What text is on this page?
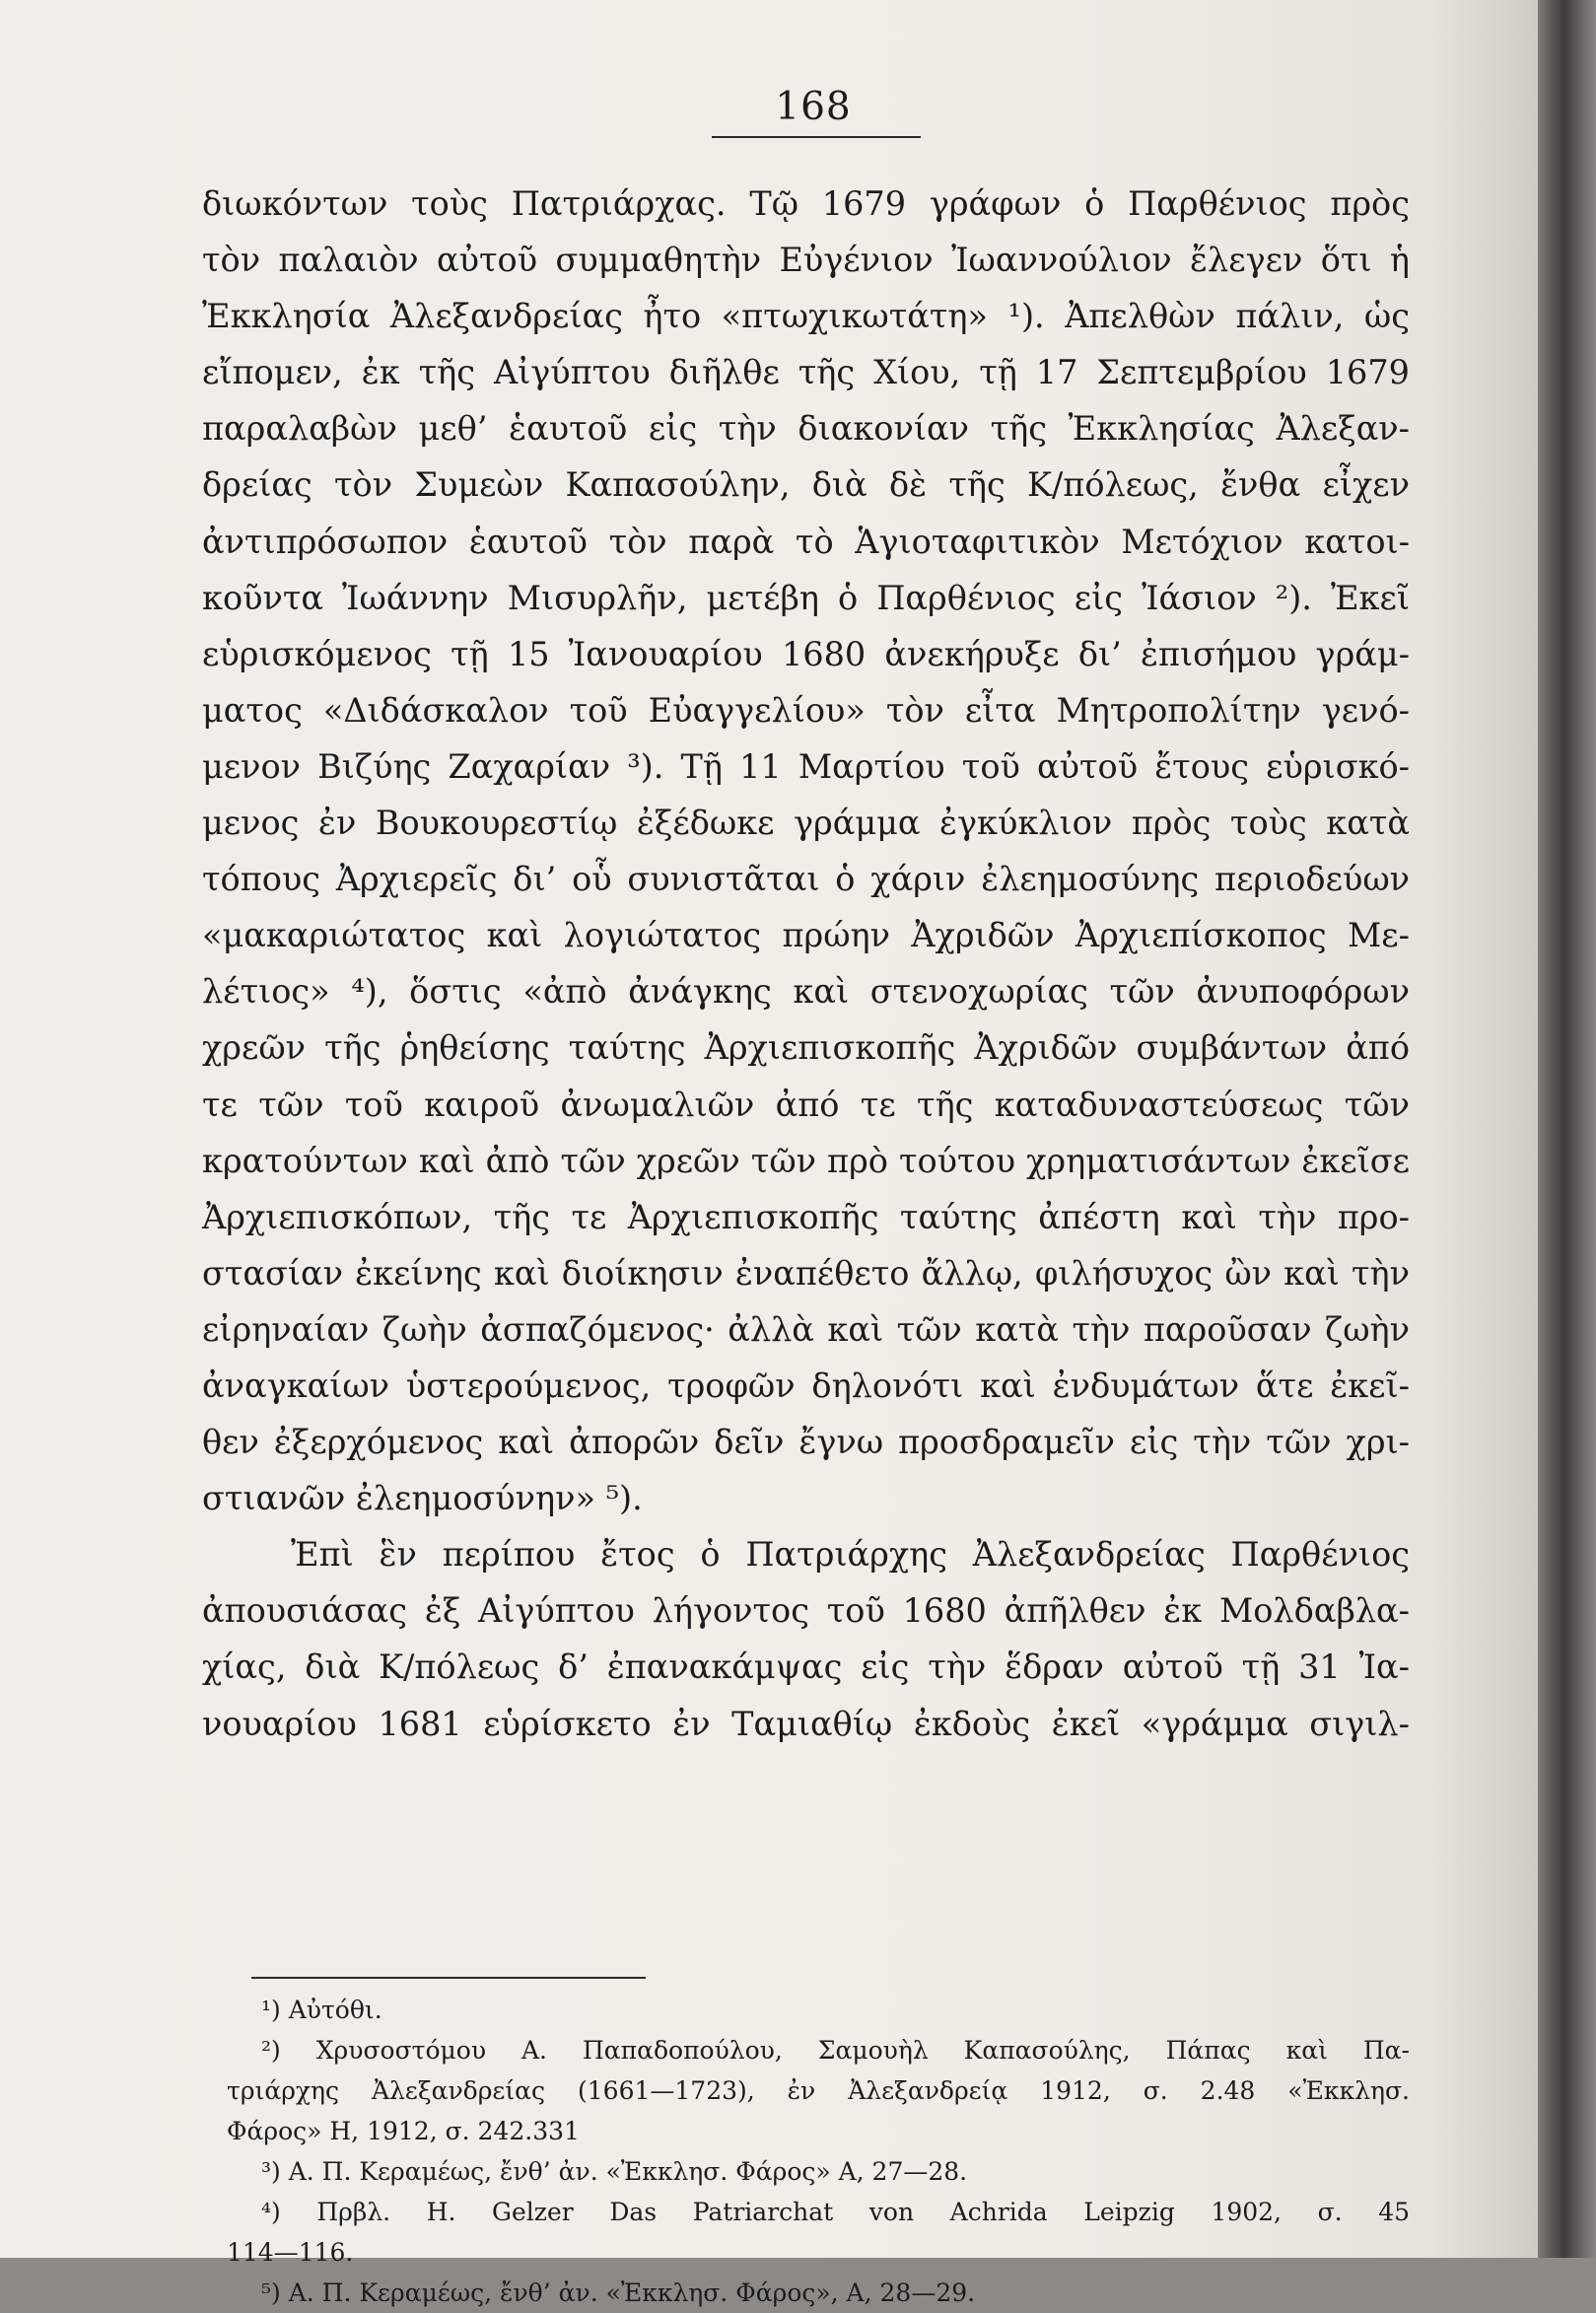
168
διωκόντων τοὺς Πατριάρχας. Τῷ 1679 γράφων ὁ Παρθένιος πρὸς
τὸν παλαιὸν αὐτοῦ συμμαθητὴν Εὐγένιον Ἰωαννούλιον ἔλεγεν ὅτι ἡ
Ἐκκλησία Ἀλεξανδρείας ἦτο «πτωχικωτάτη» ¹). Ἀπελθὼν πάλιν, ὡς
εἴπομεν, ἐκ τῆς Αἰγύπτου διῆλθε τῆς Χίου, τῇ 17 Σεπτεμβρίου 1679
παραλαβὼν μεθ’ ἑαυτοῦ εἰς τὴν διακονίαν τῆς Ἐκκλησίας Ἀλεξαν-
δρείας τὸν Συμεὼν Καπασούλην, διὰ δὲ τῆς Κ/πόλεως, ἔνθα εἶχεν
ἀντιπρόσωπον ἑαυτοῦ τὸν παρὰ τὸ Ἁγιοταφιτικὸν Μετόχιον κατοι-
κοῦντα Ἰωάννην Μισυρλῆν, μετέβη ὁ Παρθένιος εἰς Ἰάσιον ²). Ἐκεῖ
εὑρισκόμενος τῇ 15 Ἰανουαρίου 1680 ἀνεκήρυξε δι’ ἐπισήμου γράμ-
ματος «Διδάσκαλον τοῦ Εὐαγγελίου» τὸν εἶτα Μητροπολίτην γενό-
μενον Βιζύης Ζαχαρίαν ³). Τῇ 11 Μαρτίου τοῦ αὐτοῦ ἔτους εὑρισκό-
μενος ἐν Βουκουρεστίῳ ἐξέδωκε γράμμα ἐγκύκλιον πρὸς τοὺς κατὰ
τόπους Ἀρχιερεῖς δι’ οὗ συνιστᾶται ὁ χάριν ἐλεημοσύνης περιοδεύων
«μακαριώτατος καὶ λογιώτατος πρώην Ἀχριδῶν Ἀρχιεπίσκοπος Με-
λέτιος» ⁴), ὅστις «ἀπὸ ἀνάγκης καὶ στενοχωρίας τῶν ἀνυποφόρων
χρεῶν τῆς ῥηθείσης ταύτης Ἀρχιεπισκοπῆς Ἀχριδῶν συμβάντων ἀπό
τε τῶν τοῦ καιροῦ ἀνωμαλιῶν ἀπό τε τῆς καταδυναστεύσεως τῶν
κρατούντων καὶ ἀπὸ τῶν χρεῶν τῶν πρὸ τούτου χρηματισάντων ἐκεῖσε
Ἀρχιεπισκόπων, τῆς τε Ἀρχιεπισκοπῆς ταύτης ἀπέστη καὶ τὴν προ-
στασίαν ἐκείνης καὶ διοίκησιν ἐναπέθετο ἄλλῳ, φιλήσυχος ὢν καὶ τὴν
εἰρηναίαν ζωὴν ἀσπαζόμενος· ἀλλὰ καὶ τῶν κατὰ τὴν παροῦσαν ζωὴν
ἀναγκαίων ὑστερούμενος, τροφῶν δηλονότι καὶ ἐνδυμάτων ἅτε ἐκεῖ-
θεν ἐξερχόμενος καὶ ἀπορῶν δεῖν ἔγνω προσδραμεῖν εἰς τὴν τῶν χρι-
στιανῶν ἐλεημοσύνην» ⁵).
Ἐπὶ ἓν περίπου ἔτος ὁ Πατριάρχης Ἀλεξανδρείας Παρθένιος
ἀπουσιάσας ἐξ Αἰγύπτου λήγοντος τοῦ 1680 ἀπῆλθεν ἐκ Μολδαβλα-
χίας, διὰ Κ/πόλεως δ’ ἐπανακάμψας εἰς τὴν ἕδραν αὐτοῦ τῇ 31 Ἰα-
νουαρίου 1681 εὑρίσκετο ἐν Ταμιαθίῳ ἐκδοὺς ἐκεῖ «γράμμα σιγιλ-
¹) Αὐτόθι.
²) Χρυσοστόμου Α. Παπαδοπούλου, Σαμουὴλ Καπασούλης, Πάπας καὶ Πα-
τριάρχης Ἀλεξανδρείας (1661—1723), ἐν Ἀλεξανδρείᾳ 1912, σ. 2.48 «Ἐκκλησ.
Φάρος» Η, 1912, σ. 242.331
³) Α. Π. Κεραμέως, ἔνθ’ ἀν. «Ἐκκλησ. Φάρος» Α, 27—28.
⁴) Πρβλ. Η. Gelzer Das Patriarchat von Achrida Leipzig 1902, σ. 45
114—116.
⁵) Α. Π. Κεραμέως, ἔνθ’ ἀν. «Ἐκκλησ. Φάρος», Α, 28—29.
